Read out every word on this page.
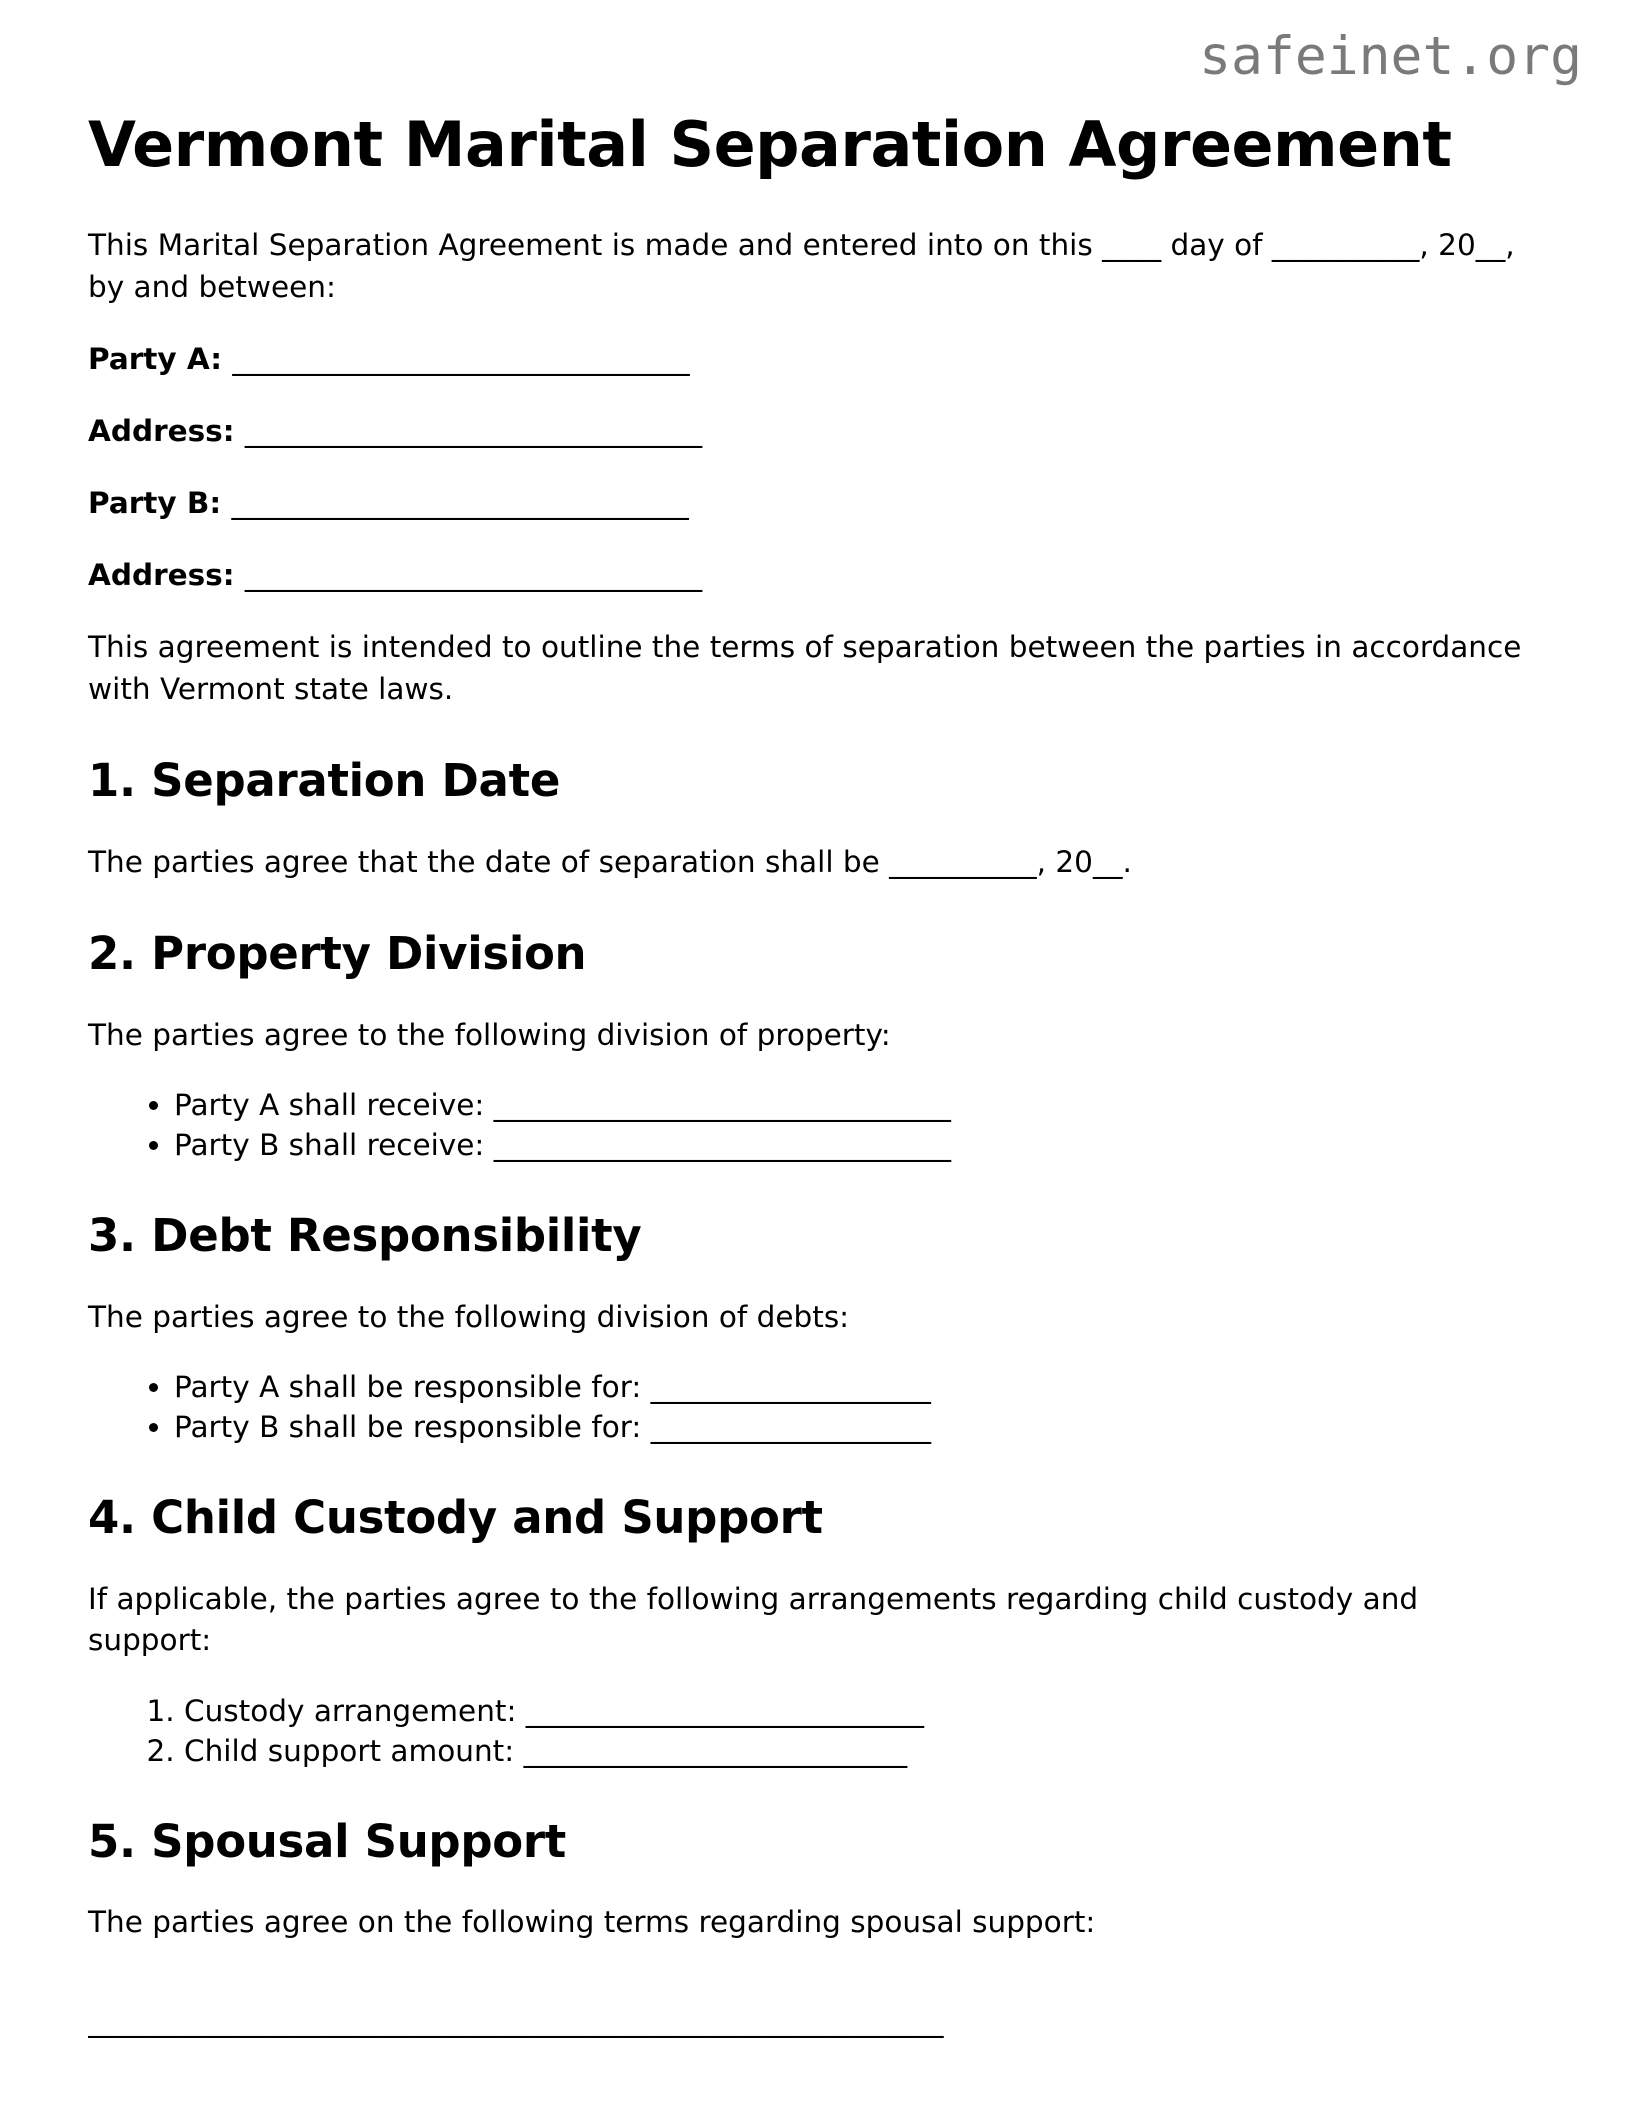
safeinet.org
Vermont Marital Separation Agreement

This Marital Separation Agreement is made and entered into on this ____ day of __________, 20__, by and between:

Party A: _______________________________

Address: _______________________________

Party B: _______________________________

Address: _______________________________

This agreement is intended to outline the terms of separation between the parties in accordance with Vermont state laws.

1. Separation Date

The parties agree that the date of separation shall be __________, 20__.

2. Property Division

The parties agree to the following division of property:

• Party A shall receive: _______________________________
• Party B shall receive: _______________________________
3. Debt Responsibility

The parties agree to the following division of debts:

• Party A shall be responsible for: ___________________
• Party B shall be responsible for: ___________________
4. Child Custody and Support

If applicable, the parties agree to the following arrangements regarding child custody and support:

1. Custody arrangement: ___________________________
2. Child support amount: __________________________
5. Spousal Support

The parties agree on the following terms regarding spousal support:

__________________________________________________________
